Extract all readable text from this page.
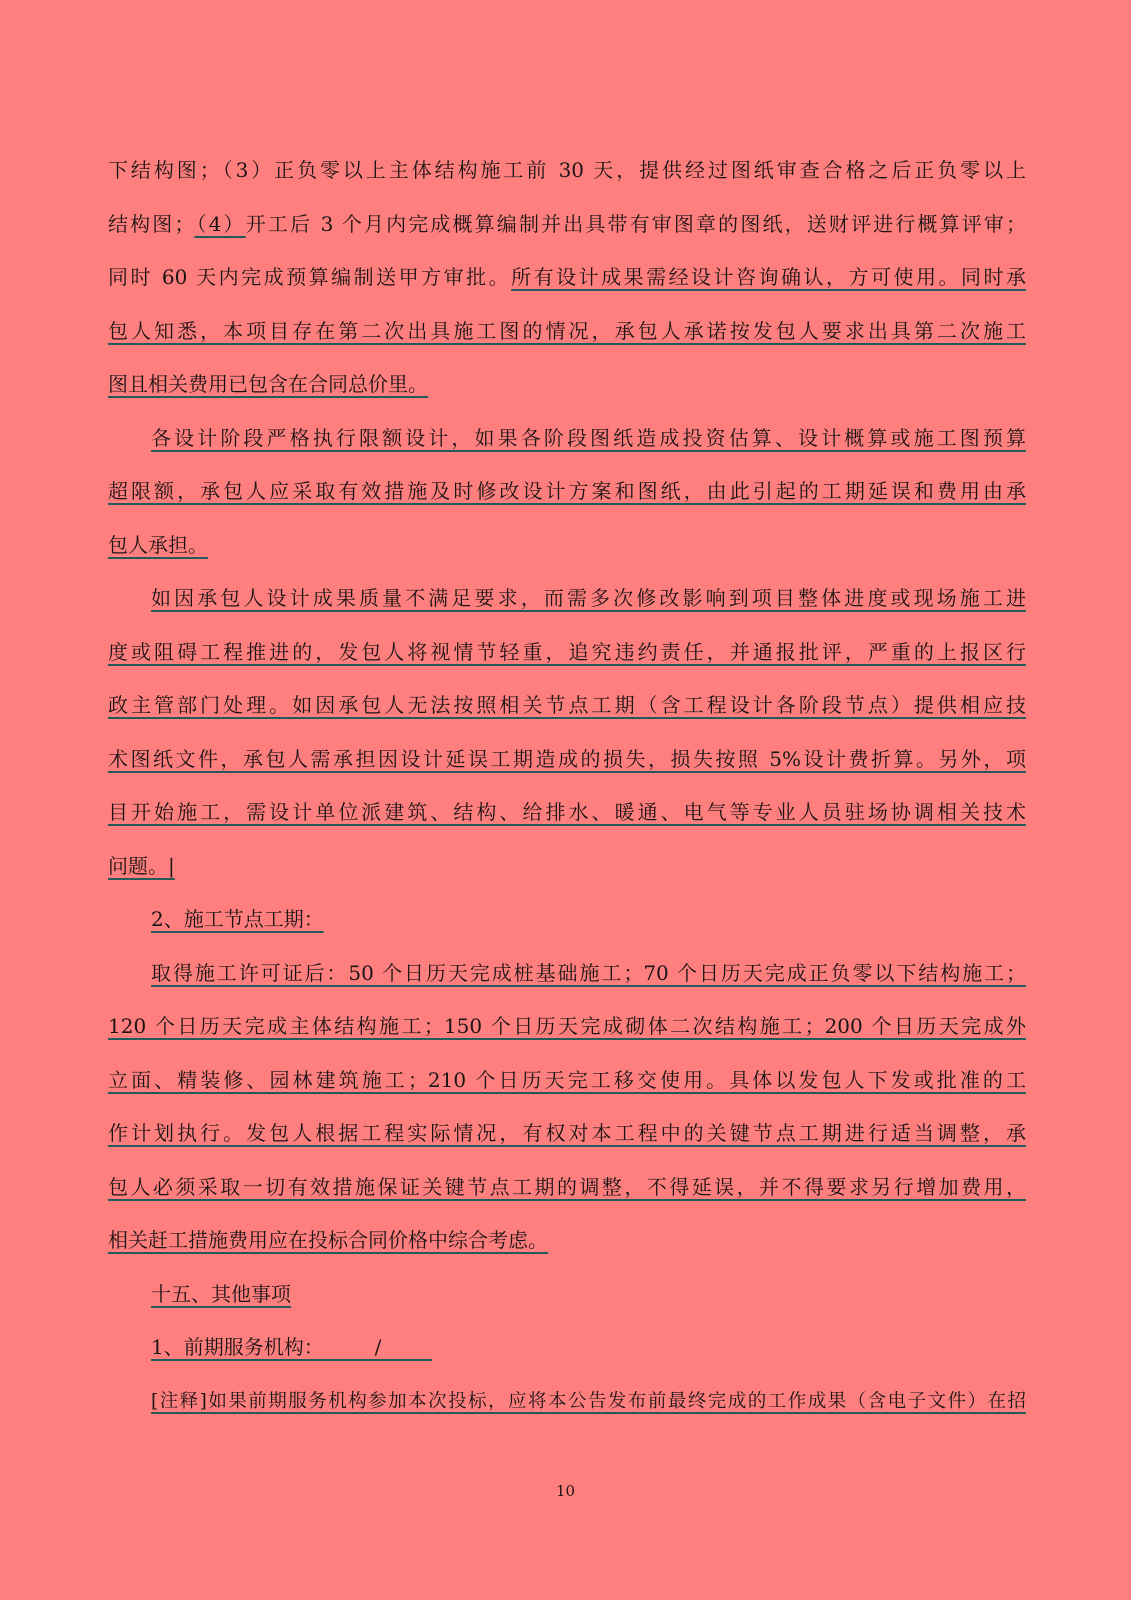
下结构图；（3）正负零以上主体结构施工前 30 天，提供经过图纸审查合格之后正负零以上
结构图；（4）开工后 3 个月内完成概算编制并出具带有审图章的图纸，送财评进行概算评审；
同时 60 天内完成预算编制送甲方审批。所有设计成果需经设计咨询确认，方可使用。同时承
包人知悉，本项目存在第二次出具施工图的情况，承包人承诺按发包人要求出具第二次施工
图且相关费用已包含在合同总价里。
各设计阶段严格执行限额设计，如果各阶段图纸造成投资估算、设计概算或施工图预算
超限额，承包人应采取有效措施及时修改设计方案和图纸，由此引起的工期延误和费用由承
包人承担。
如因承包人设计成果质量不满足要求，而需多次修改影响到项目整体进度或现场施工进
度或阻碍工程推进的，发包人将视情节轻重，追究违约责任，并通报批评，严重的上报区行
政主管部门处理。如因承包人无法按照相关节点工期（含工程设计各阶段节点）提供相应技
术图纸文件，承包人需承担因设计延误工期造成的损失，损失按照 5%设计费折算。另外，项
目开始施工，需设计单位派建筑、结构、给排水、暖通、电气等专业人员驻场协调相关技术
问题。|
2、施工节点工期：
取得施工许可证后：50 个日历天完成桩基础施工；70 个日历天完成正负零以下结构施工；
120 个日历天完成主体结构施工；150 个日历天完成砌体二次结构施工；200 个日历天完成外
立面、精装修、园林建筑施工；210 个日历天完工移交使用。具体以发包人下发或批准的工
作计划执行。发包人根据工程实际情况，有权对本工程中的关键节点工期进行适当调整，承
包人必须采取一切有效措施保证关键节点工期的调整，不得延误，并不得要求另行增加费用，
相关赶工措施费用应在投标合同价格中综合考虑。
十五、其他事项
1、前期服务机构：        /
[注释]如果前期服务机构参加本次投标，应将本公告发布前最终完成的工作成果（含电子文件）在招
10
